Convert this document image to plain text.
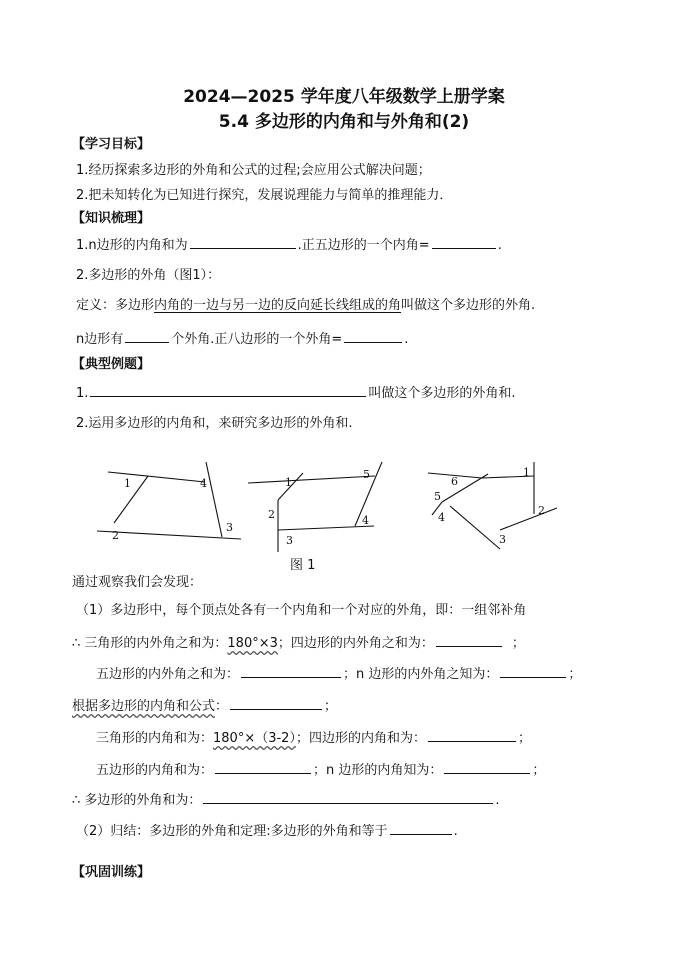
2024—2025 学年度八年级数学上册学案
5.4 多边形的内角和与外角和(2)
【学习目标】
1.经历探索多边形的外角和公式的过程;会应用公式解决问题；
2.把未知转化为已知进行探究，发展说理能力与简单的推理能力．
【知识梳理】
1.n边形的内角和为	.正五边形的一个内角=	.
2.多边形的外角（图1）：
定义：多边形内角的一边与另一边的反向延长线组成的角叫做这个多边形的外角.
n边形有	个外角.正八边形的一个外角=	.
【典型例题】
1.	叫做这个多边形的外角和.
2.运用多边形的内角和，来研究多边形的外角和.
1
2
3
4	1
2
3
4
5	1
2
3
4
5
6
图 1
通过观察我们会发现：
（1）多边形中，每个顶点处各有一个内角和一个对应的外角，即：一组邻补角
∴ 三角形的内外角之和为：180°×3；四边形的内外角之和为：	；
五边形的内外角之和为：	；n 边形的内外角之知为：	；
根据多边形的内角和公式：	；
三角形的内角和为：180°×（3-2）；四边形的内角和为：	；
五边形的内角和为：	；n 边形的内角知为：	；
∴ 多边形的外角和为：	.
（2）归结：多边形的外角和定理:多边形的外角和等于	.
【巩固训练】
